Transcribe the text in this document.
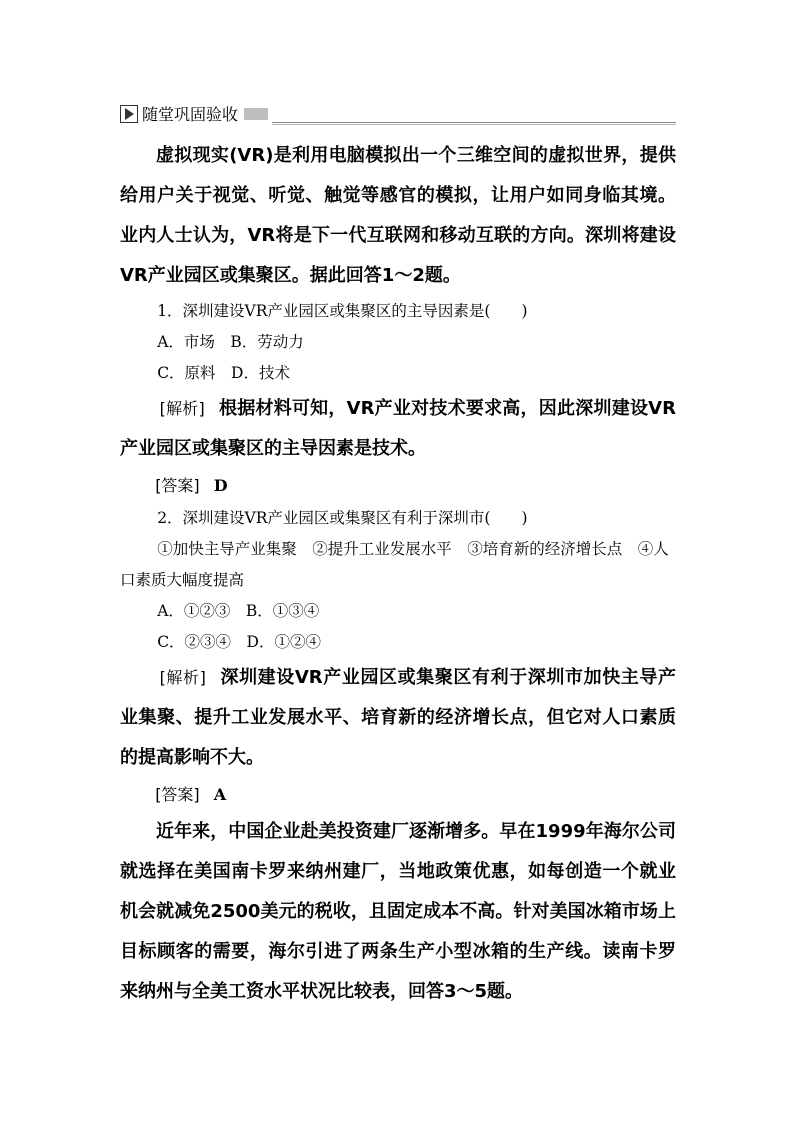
随堂巩固验收

虚拟现实(VR)是利用电脑模拟出一个三维空间的虚拟世界，提供给用户关于视觉、听觉、触觉等感官的模拟，让用户如同身临其境。业内人士认为，VR将是下一代互联网和移动互联的方向。深圳将建设VR产业园区或集聚区。据此回答1～2题。

1．深圳建设VR产业园区或集聚区的主导因素是(　　)

A．市场　B．劳动力

C．原料　D．技术

[解析] 根据材料可知，VR产业对技术要求高，因此深圳建设VR产业园区或集聚区的主导因素是技术。

[答案] D

2．深圳建设VR产业园区或集聚区有利于深圳市(　　)

①加快主导产业集聚　②提升工业发展水平　③培育新的经济增长点　④人口素质大幅度提高

A．①②③　B．①③④

C．②③④　D．①②④

[解析] 深圳建设VR产业园区或集聚区有利于深圳市加快主导产业集聚、提升工业发展水平、培育新的经济增长点，但它对人口素质的提高影响不大。

[答案] A

近年来，中国企业赴美投资建厂逐渐增多。早在1999年海尔公司就选择在美国南卡罗来纳州建厂，当地政策优惠，如每创造一个就业机会就减免2500美元的税收，且固定成本不高。针对美国冰箱市场上目标顾客的需要，海尔引进了两条生产小型冰箱的生产线。读南卡罗来纳州与全美工资水平状况比较表，回答3～5题。
